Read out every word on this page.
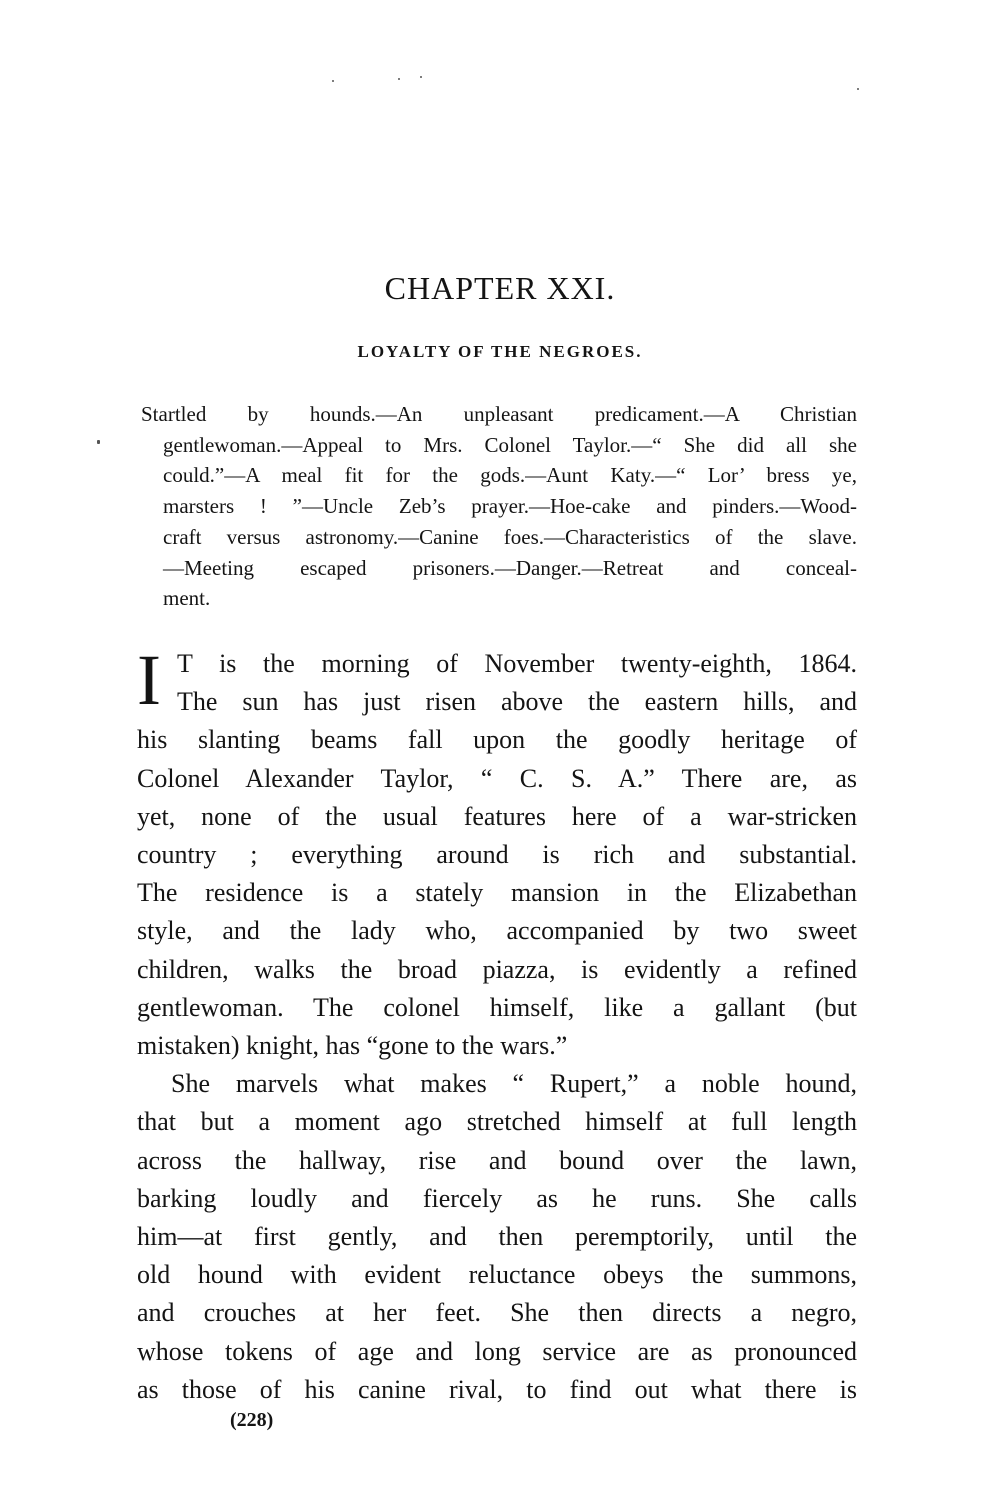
CHAPTER XXI.
LOYALTY OF THE NEGROES.
Startled by hounds.—An unpleasant predicament.—A Christian
gentlewoman.—Appeal to Mrs. Colonel Taylor.—“ She did all she
could.”—A meal fit for the gods.—Aunt Katy.—“ Lor’ bress ye,
marsters ! ”—Uncle Zeb’s prayer.—Hoe-cake and pinders.—Wood-
craft versus astronomy.—Canine foes.—Characteristics of the slave.
—Meeting escaped prisoners.—Danger.—Retreat and conceal-
ment.
I T is the morning of November twenty-eighth, 1864.
The sun has just risen above the eastern hills, and
his slanting beams fall upon the goodly heritage of
Colonel Alexander Taylor, “ C. S. A.” There are, as
yet, none of the usual features here of a war-stricken
country ; everything around is rich and substantial.
The residence is a stately mansion in the Elizabethan
style, and the lady who, accompanied by two sweet
children, walks the broad piazza, is evidently a refined
gentlewoman. The colonel himself, like a gallant (but
mistaken) knight, has “gone to the wars.”
She marvels what makes “ Rupert,” a noble hound,
that but a moment ago stretched himself at full length
across the hallway, rise and bound over the lawn,
barking loudly and fiercely as he runs. She calls
him—at first gently, and then peremptorily, until the
old hound with evident reluctance obeys the summons,
and crouches at her feet. She then directs a negro,
whose tokens of age and long service are as pronounced
as those of his canine rival, to find out what there is
(228)
